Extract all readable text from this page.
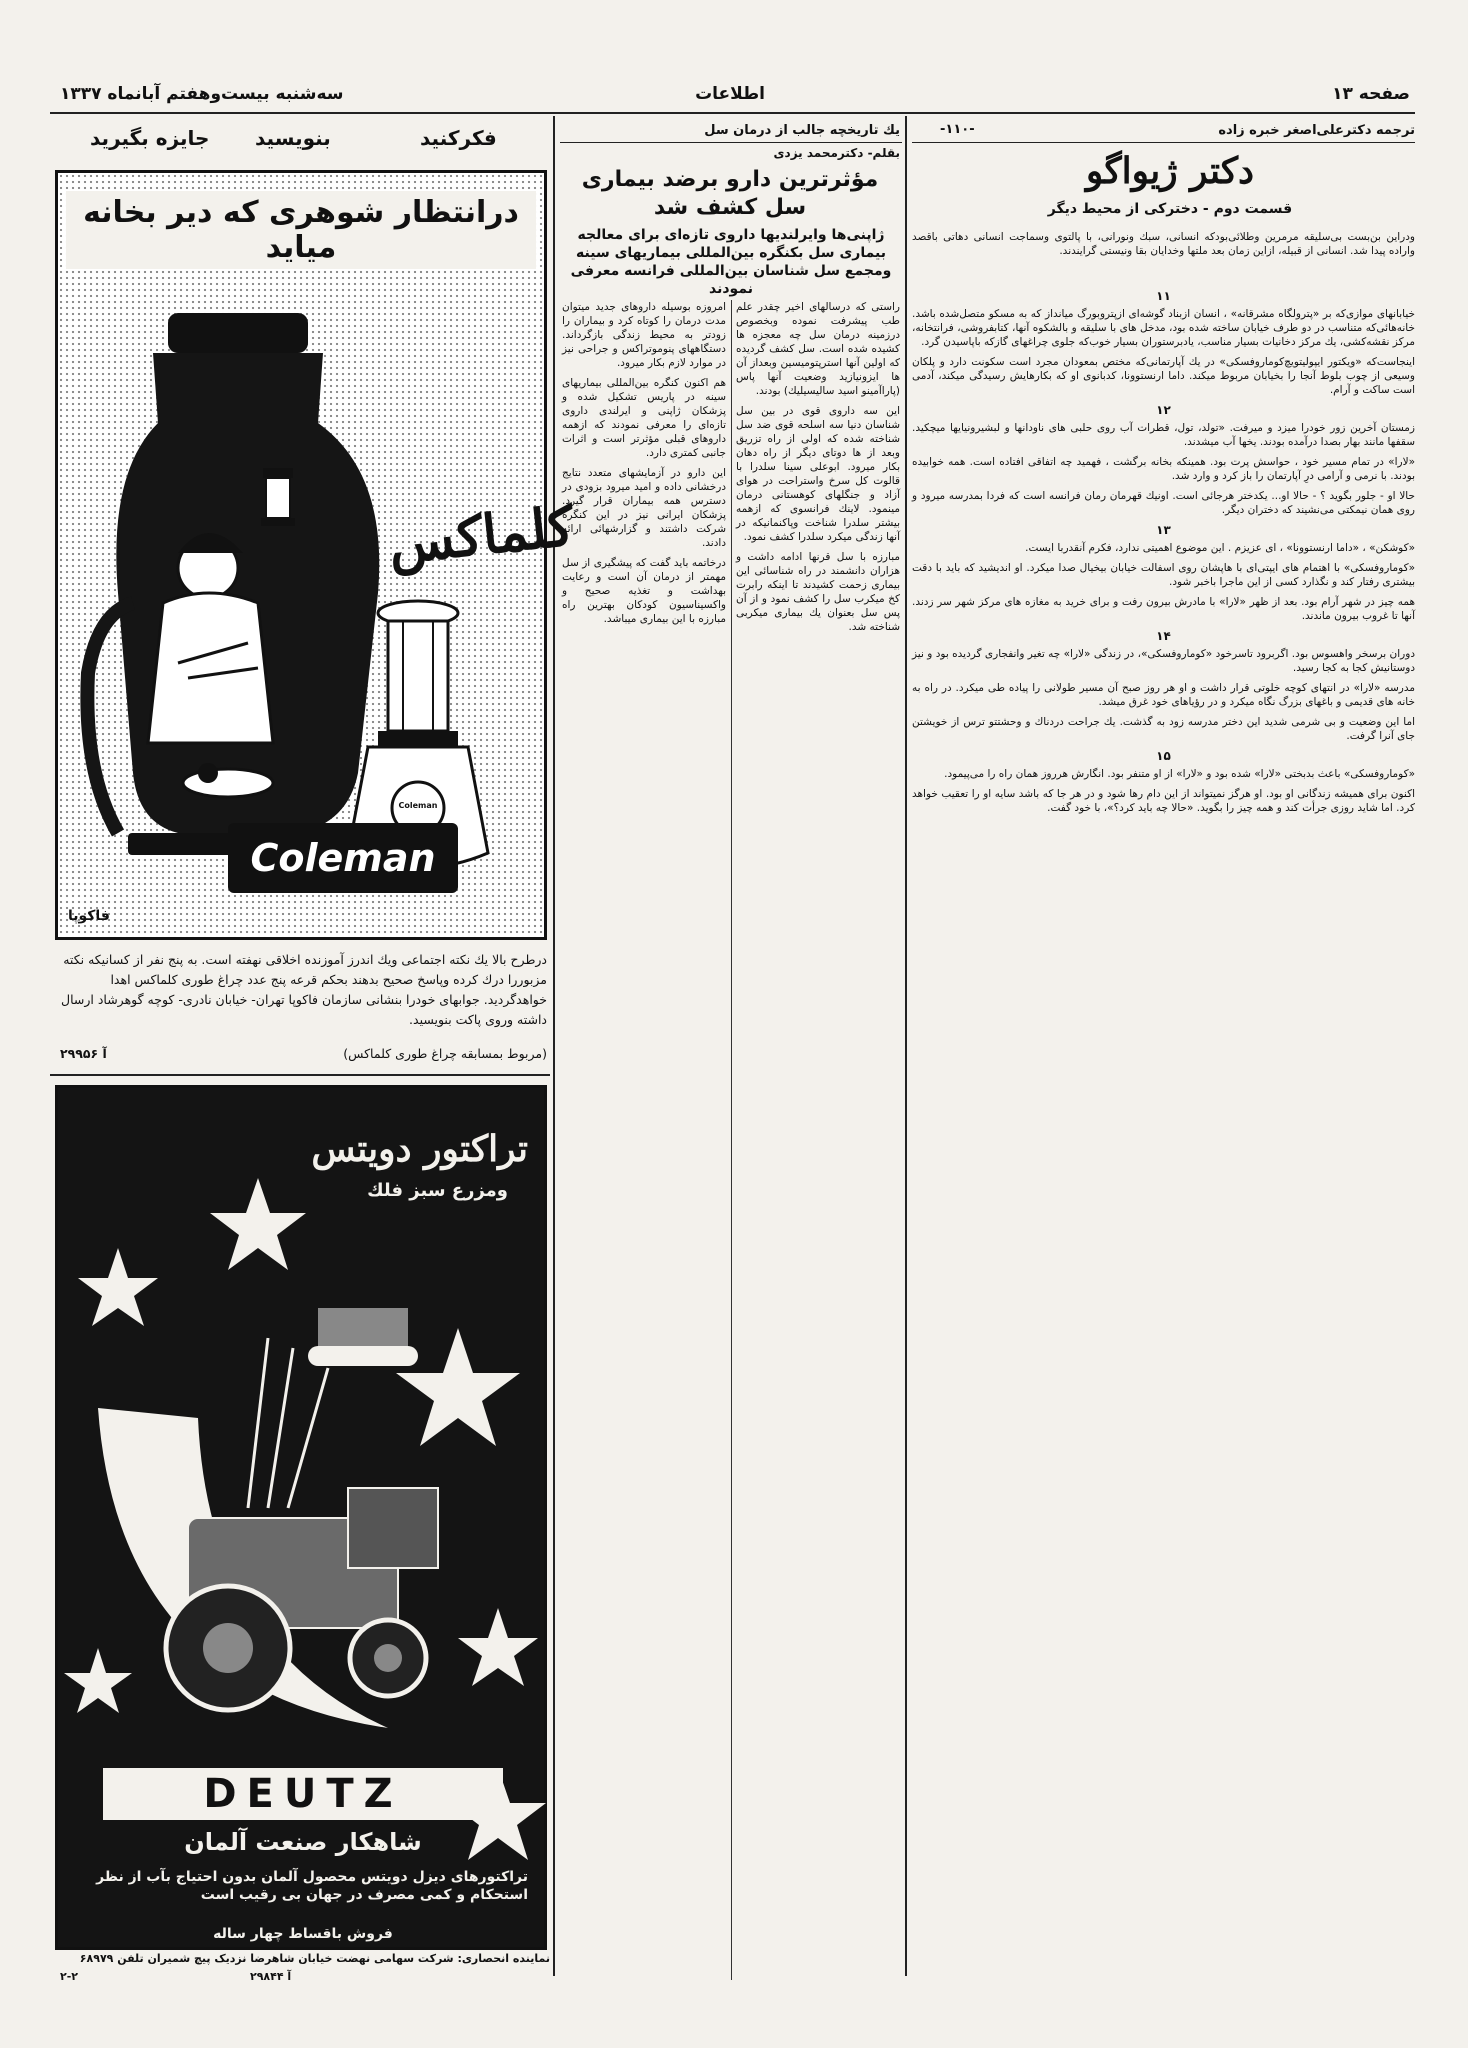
سه‌شنبه بیست‌وهفتم آبانماه ۱۳۳۷	اطلاعات	صفحه ۱۳
جایزه بگیرید بنویسید	فکرکنید
درانتظار شوهری که دیر بخانه میاید
کلماکس
Coleman
Coleman
فاکوپا
درطرح بالا یك نکته اجتماعی ویك اندرز آموزنده اخلاقی نهفته است. به پنج نفر از کسانیکه نکته مزبوررا درك کرده وپاسخ صحیح بدهند بحکم قرعه پنج عدد چراغ طوری کلماکس اهدا خواهدگردید. جوابهای خودرا بنشانی سازمان فاکوپا تهران- خیابان نادری- کوچه گوهرشاد ارسال داشته وروی پاکت بنویسید.
(مربوط بمسابقه چراغ طوری کلماکس)
۲۹۹۵۶ آ
تراکتور دویتس
ومزرع سبز فلك
DEUTZ
شاهکار صنعت آلمان
تراکتورهای دیزل دویتس محصول آلمان بدون احتیاج بآب از نظر استحکام و کمی مصرف در جهان بی رقیب است
فروش باقساط چهار ساله
نماینده انحصاری: شرکت سهامی نهضت خیابان شاهرضا نزدیک پیچ شمیران تلفن ۶۸۹۷۹
۲۹۸۴۴ آ
۲-۲
یك تاریخچه جالب از درمان سل
بقلم- دکترمحمد یزدی
مؤثرترین دارو برضد بیماری سل کشف شد
ژاپنی‌ها وایرلندیها داروی تازه‌ای برای معالجه بیماری سل بکنگره بین‌المللی بیماریهای سینه ومجمع سل شناسان بین‌المللی فرانسه معرفی نمودند

راستی که درسالهای اخیر چقدر علم طب پیشرفت نموده وبخصوص درزمینه درمان سل چه معجزه ها کشیده شده است. سل کشف گردیده که اولین آنها استرپتومیسین وبعداز آن ها ایزونیازید وضعیت آنها پاس (پاراآمینو اسید سالیسیلیك) بودند.

این سه داروی قوی در بین سل شناسان دنیا سه اسلحه قوی ضد سل شناخته شده که اولی از راه تزریق وبعد از ها دوتای دیگر از راه دهان بکار میرود. ابوعلی سینا سلدرا با قالوت کل سرخ واستراحت در هوای آزاد و جنگلهای کوهستانی درمان مینمود. لاینك فرانسوی که ازهمه بیشتر سلدرا شناخت وپاکنمانیکه در آنها زندگی میکرد سلدرا کشف نمود.

مبارزه با سل قرنها ادامه داشت و هزاران دانشمند در راه شناسائی این بیماری زحمت کشیدند تا اینکه رابرت کخ میکرب سل را کشف نمود و از آن پس سل بعنوان یك بیماری میکربی شناخته شد.

امروزه بوسیله داروهای جدید میتوان مدت درمان را کوتاه کرد و بیماران را زودتر به محیط زندگی بازگرداند. دستگاههای پنوموتراکس و جراحی نیز در موارد لازم بکار میرود.

هم اکنون کنگره بین‌المللی بیماریهای سینه در پاریس تشکیل شده و پزشکان ژاپنی و ایرلندی داروی تازه‌ای را معرفی نمودند که ازهمه داروهای قبلی مؤثرتر است و اثرات جانبی کمتری دارد.

این دارو در آزمایشهای متعدد نتایج درخشانی داده و امید میرود بزودی در دسترس همه بیماران قرار گیرد. پزشکان ایرانی نیز در این کنگره شرکت داشتند و گزارشهائی ارائه دادند.

درخاتمه باید گفت که پیشگیری از سل مهمتر از درمان آن است و رعایت بهداشت و تغذیه صحیح و واکسیناسیون کودکان بهترین راه مبارزه با این بیماری میباشد.

ترجمه دکترعلی‌اصغر خبره زاده
-۱۱۰-
دکتر ژیواگو
قسمت دوم - دخترکی از محیط دیگر
ودراین بن‌بست بی‌سلیقه مرمرین وطلائی‌بودکه انسانی، سبك ونورانی، با پالتوی وسماجت انسانی دهاتی باقصد واراده پیدا شد. انسانی از قبیله، ازاین زمان بعد ملتها وخدایان بقا ونیستی گرایندند.
۱۱

خیابانهای موازی‌که بر «پترولگاه مشرقانه» ، انسان ازبناد گوشه‌ای ازپتروبورگ میانداز که به مسکو متصل‌شده باشد. خانه‌هائی‌که متناسب در دو طرف خیابان ساخته شده بود، مدخل های با سلیقه و بالشکوه آنها، کتابفروشی، فرانتخانه، مرکز نقشه‌کشی، یك مرکز دخانیات بسیار مناسب، یادبرستوران بسیار خوب‌که جلوی چراغهای گازکه باپاسیدن گرد.

اینجاست‌که «ویکتور ایپولیتویچ‌کوماروفسکی» در یك آپارتمانی‌که مختص بمعودان مجرد است سکونت دارد و پلکان وسیعی از چوب بلوط آنجا را بخیابان مربوط میکند. داما ارنستوونا، کدبانوی او که بکارهایش رسیدگی میکند، آدمی است ساکت و آرام.

۱۲

زمستان آخرین زور خودرا میزد و میرفت. «تولد، تول، قطرات آب روی حلبی های ناودانها و لبشیرونیایها میچکید. سقفها مانند بهار بصدا درآمده بودند. یخها آب میشدند.

«لارا» در تمام مسیر خود ، حواسش پرت بود. همینکه بخانه برگشت ، فهمید چه اتفاقی افتاده است. همه خوابیده بودند. با نرمی و آرامی درِ آپارتمان را باز کرد و وارد شد.

حالا او - جلور بگوید ؟ - حالا او... یکدختر هرجائی است. اونیك قهرمان رمان فرانسه است که فردا بمدرسه میرود و روی همان نیمکتی می‌نشیند که دختران دیگر.

۱۳

«کوشکن» ، «داما ارنستوونا» ، ای عزیزم . این موضوع اهمیتی ندارد، فکرم آنقدربا ایست.

«کوماروفسکی» با اهتمام های ایپتی‌ای با هاپشان روی اسفالت خیابان بیخیال صدا میکرد. او اندیشید که باید با دقت بیشتری رفتار کند و نگذارد کسی از این ماجرا باخبر شود.

همه چیز در شهر آرام بود. بعد از ظهر «لارا» با مادرش بیرون رفت و برای خرید به مغازه های مرکز شهر سر زدند. آنها تا غروب بیرون ماندند.

۱۴

دوران برسخر واهسوس بود. اگربرود تاسرخود «کوماروفسکی»، در زندگی «لارا» چه تغیر وانفجاری گردیده بود و نیز دوستانیش کجا به کجا رسید.

مدرسه «لارا» در انتهای کوچه خلوتی قرار داشت و او هر روز صبح آن مسیر طولانی را پیاده طی میکرد. در راه به خانه های قدیمی و باغهای بزرگ نگاه میکرد و در رؤیاهای خود غرق میشد.

اما این وضعیت و بی شرمی شدید این دختر مدرسه زود به گذشت. یك جراحت دردناك و وحشتتو ترس از خویشتن جای آنرا گرفت.

۱۵

«کوماروفسکی» باعث بدبختی «لارا» شده بود و «لارا» از او متنفر بود. انگارش هرروز همان راه را می‌پیمود.

اکنون برای همیشه زندگانی او بود. او هرگز نمیتواند از این دام رها شود و در هر جا که باشد سایه او را تعقیب خواهد کرد. اما شاید روزی جرأت کند و همه چیز را بگوید. «حالا چه باید کرد؟»، با خود گفت.
